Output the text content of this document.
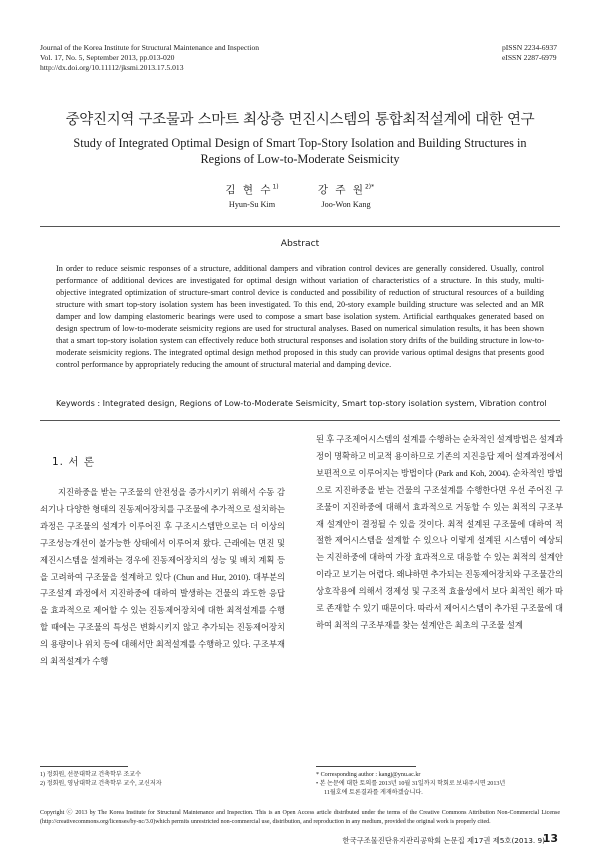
Journal of the Korea Institute for Structural Maintenance and Inspection
Vol. 17, No. 5, September 2013, pp.013-020
http://dx.doi.org/10.11112/jksmi.2013.17.5.013
pISSN 2234-6937
eISSN 2287-6979
중약진지역 구조물과 스마트 최상층 면진시스템의 통합최적설계에 대한 연구
Study of Integrated Optimal Design of Smart Top-Story Isolation and Building Structures in Regions of Low-to-Moderate Seismicity
김 현 수$^{1)}$
Hyun-Su Kim
강 주 원$^{2)*}$
Joo-Won Kang
Abstract
In order to reduce seismic responses of a structure, additional dampers and vibration control devices are generally considered. Usually, control performance of additional devices are investigated for optimal design without variation of characteristics of a structure. In this study, multi-objective integrated optimization of structure-smart control device is conducted and possibility of reduction of structural resources of a building structure with smart top-story isolation system has been investigated. To this end, 20-story example building structure was selected and an MR damper and low damping elastomeric bearings were used to compose a smart base isolation system. Artificial earthquakes generated based on design spectrum of low-to-moderate seismicity regions are used for structural analyses. Based on numerical simulation results, it has been shown that a smart top-story isolation system can effectively reduce both structural responses and isolation story drifts of the building structure in low-to-moderate seismicity regions. The integrated optimal design method proposed in this study can provide various optimal designs that presents good control performance by appropriately reducing the amount of structural material and damping device.
Keywords : Integrated design, Regions of Low-to-Moderate Seismicity, Smart top-story isolation system, Vibration control
1. 서 론

지진하중을 받는 구조물의 안전성을 증가시키기 위해서 수동 감쇠기나 다양한 형태의 진동제어장치를 구조물에 추가적으로 설치하는 과정은 구조물의 설계가 이루어진 후 구조시스템만으로는 더 이상의 구조성능개선이 불가능한 상태에서 이루어져 왔다. 근래에는 면진 및 제진시스템을 설계하는 경우에 진동제어장치의 성능 및 배치 계획 등을 고려하여 구조물을 설계하고 있다 (Chun and Hur, 2010). 대부분의 구조설계 과정에서 지진하중에 대하여 발생하는 건물의 과도한 응답을 효과적으로 제어할 수 있는 진동제어장치에 대한 최적설계를 수행할 때에는 구조물의 특성은 변화시키지 않고 추가되는 진동제어장치의 용량이나 위치 등에 대해서만 최적설계를 수행하고 있다. 구조부재의 최적설계가 수행

된 후 구조제어시스템의 설계를 수행하는 순차적인 설계방법은 설계과정이 명확하고 비교적 용이하므로 기존의 지진응답 제어 설계과정에서 보편적으로 이루어지는 방법이다 (Park and Koh, 2004). 순차적인 방법으로 지진하중을 받는 건물의 구조설계를 수행한다면 우선 주어진 구조물이 지진하중에 대해서 효과적으로 거동할 수 있는 최적의 구조부재 설계안이 결정될 수 있을 것이다. 최적 설계된 구조물에 대하여 적절한 제어시스템을 설계할 수 있으나 이렇게 설계된 시스템이 예상되는 지진하중에 대하여 가장 효과적으로 대응할 수 있는 최적의 설계안이라고 보기는 어렵다. 왜냐하면 추가되는 진동제어장치와 구조물간의 상호작용에 의해서 경제성 및 구조적 효율성에서 보다 최적인 해가 따로 존재할 수 있기 때문이다. 따라서 제어시스템이 추가된 구조물에 대하여 최적의 구조부재를 찾는 설계안은 최초의 구조물 설계

1) 정회원, 선문대학교 건축학부 조교수
2) 정회원, 영남대학교 건축학부 교수, 교신저자
* Corresponding author : kangj@ynu.ac.kr
• 본 논문에 대한 토의를 2013년 10월 31일까지 학회로 보내주시면 2013년
11월호에 토론결과를 게재하겠습니다.
Copyright ⓒ 2013 by The Korea Institute for Structural Maintenance and Inspection. This is an Open Access article distributed under the terms of the Creative Commons Attribution Non-Commercial License (http://creativecommons.org/licenses/by-nc/3.0)which permits unrestricted non-commercial use, distribution, and reproduction in any medium, provided the original work is properly cited.
한국구조물진단유지관리공학회 논문집 제17권 제5호(2013. 9)
13
